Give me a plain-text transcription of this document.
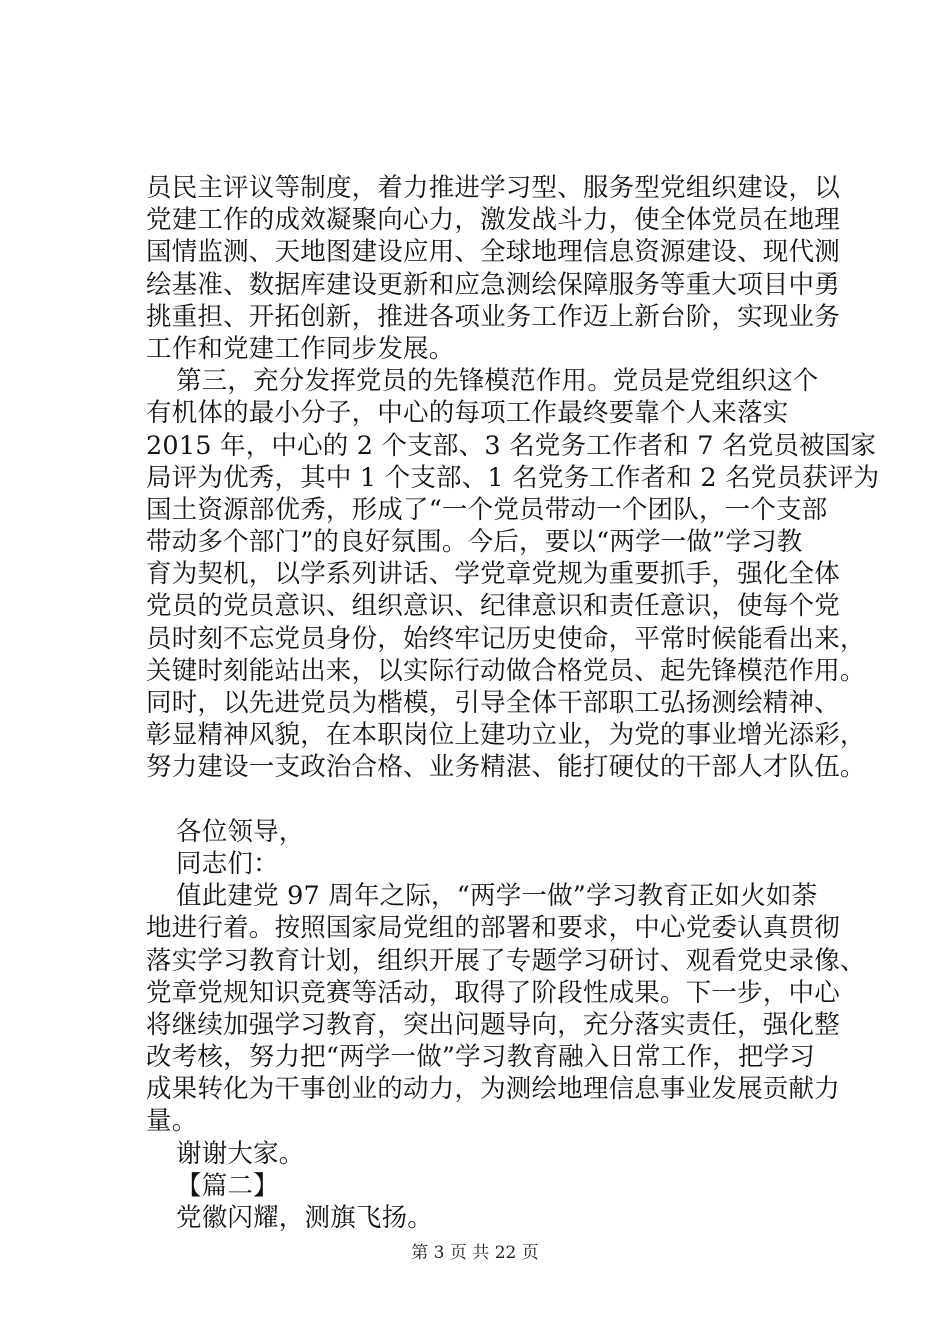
员民主评议等制度，着力推进学习型、服务型党组织建设，以
党建工作的成效凝聚向心力，激发战斗力，使全体党员在地理
国情监测、天地图建设应用、全球地理信息资源建设、现代测
绘基准、数据库建设更新和应急测绘保障服务等重大项目中勇
挑重担、开拓创新，推进各项业务工作迈上新台阶，实现业务
工作和党建工作同步发展。
第三，充分发挥党员的先锋模范作用。党员是党组织这个
有机体的最小分子，中心的每项工作最终要靠个人来落实
2015 年，中心的 2 个支部、3 名党务工作者和 7 名党员被国家
局评为优秀，其中 1 个支部、1 名党务工作者和 2 名党员获评为
国土资源部优秀，形成了“一个党员带动一个团队，一个支部
带动多个部门”的良好氛围。今后，要以“两学一做”学习教
育为契机，以学系列讲话、学党章党规为重要抓手，强化全体
党员的党员意识、组织意识、纪律意识和责任意识，使每个党
员时刻不忘党员身份，始终牢记历史使命，平常时候能看出来，
关键时刻能站出来，以实际行动做合格党员、起先锋模范作用。
同时，以先进党员为楷模，引导全体干部职工弘扬测绘精神、
彰显精神风貌，在本职岗位上建功立业，为党的事业增光添彩，
努力建设一支政治合格、业务精湛、能打硬仗的干部人才队伍。
各位领导，
同志们：
值此建党 97 周年之际，“两学一做”学习教育正如火如荼
地进行着。按照国家局党组的部署和要求，中心党委认真贯彻
落实学习教育计划，组织开展了专题学习研讨、观看党史录像、
党章党规知识竞赛等活动，取得了阶段性成果。下一步，中心
将继续加强学习教育，突出问题导向，充分落实责任，强化整
改考核，努力把“两学一做”学习教育融入日常工作，把学习
成果转化为干事创业的动力，为测绘地理信息事业发展贡献力
量。
谢谢大家。
【篇二】
党徽闪耀，测旗飞扬。
第 3 页 共 22 页
